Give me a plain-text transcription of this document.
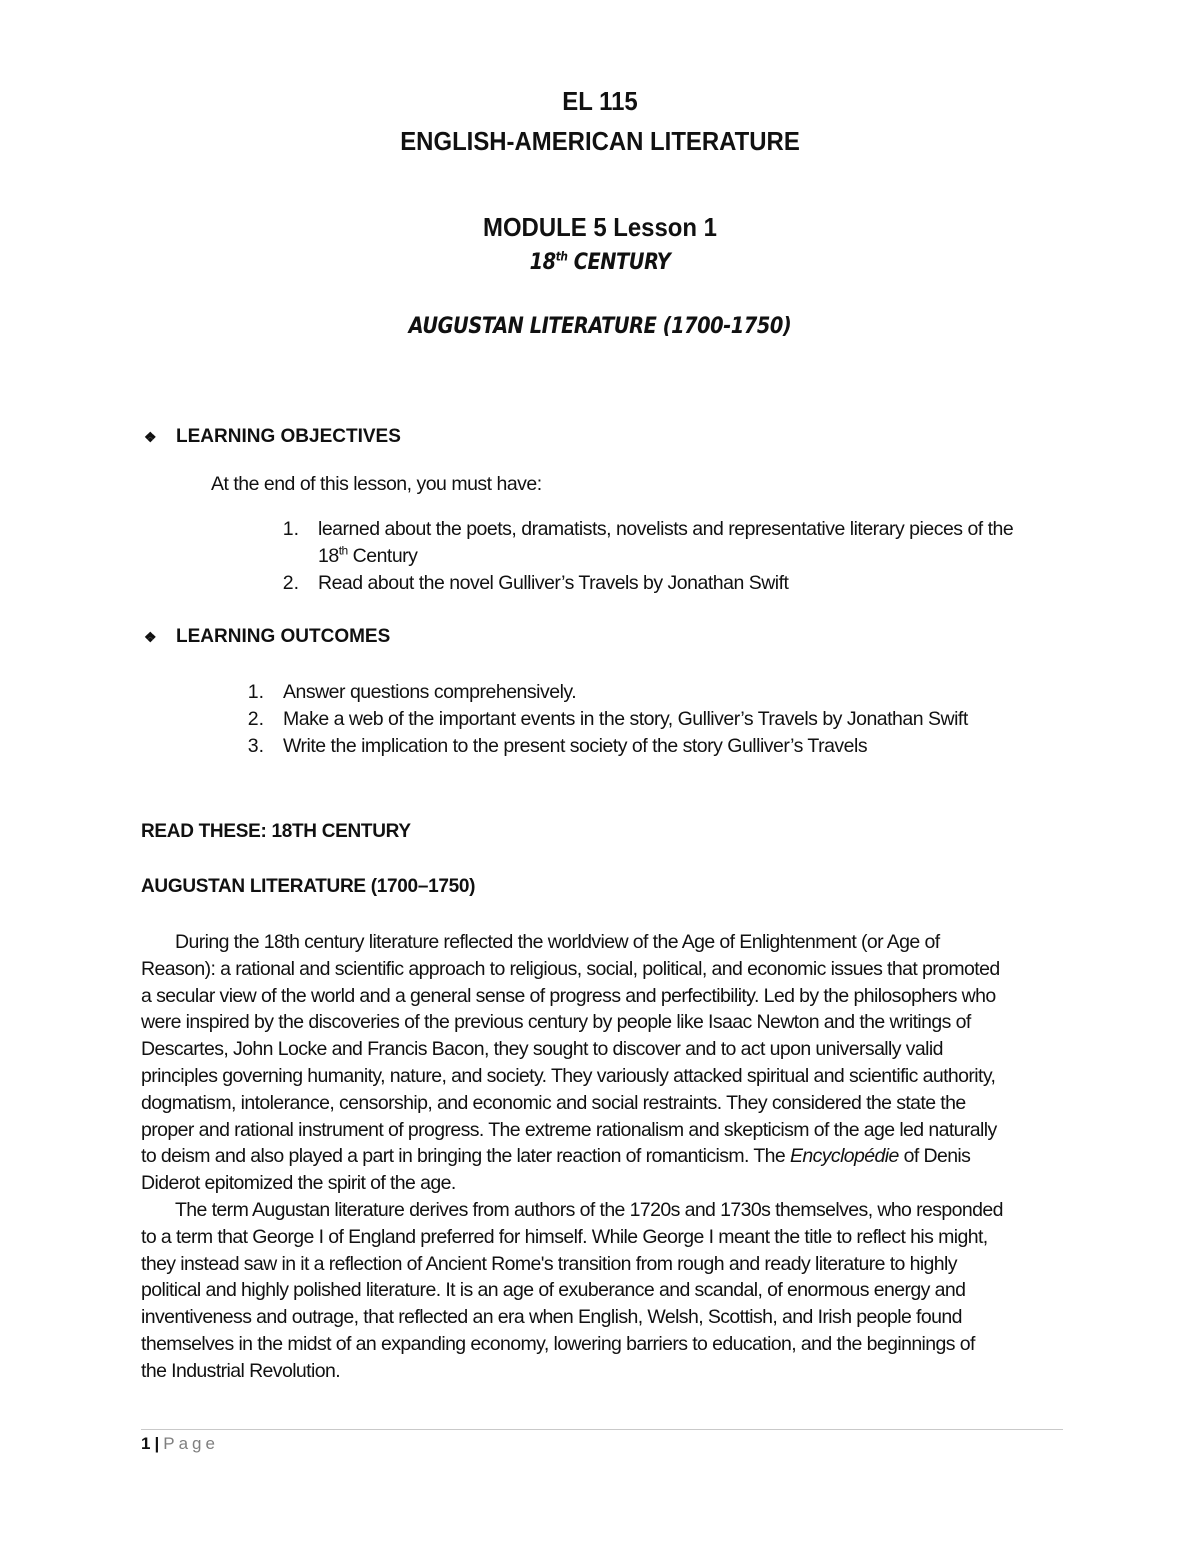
EL 115
ENGLISH-AMERICAN LITERATURE
MODULE 5 Lesson 1
18th CENTURY
AUGUSTAN LITERATURE (1700-1750)
❖	LEARNING OBJECTIVES
At the end of this lesson, you must have:
1. learned about the poets, dramatists, novelists and representative literary pieces of the
18th Century
2. Read about the novel Gulliver’s Travels by Jonathan Swift
❖	LEARNING OUTCOMES
1. Answer questions comprehensively.
2. Make a web of the important events in the story, Gulliver’s Travels by Jonathan Swift
3. Write the implication to the present society of the story Gulliver’s Travels
READ THESE: 18TH CENTURY
AUGUSTAN LITERATURE (1700–1750)
During the 18th century literature reflected the worldview of the Age of Enlightenment (or Age of
Reason): a rational and scientific approach to religious, social, political, and economic issues that promoted
a secular view of the world and a general sense of progress and perfectibility. Led by the philosophers who
were inspired by the discoveries of the previous century by people like Isaac Newton and the writings of
Descartes, John Locke and Francis Bacon, they sought to discover and to act upon universally valid
principles governing humanity, nature, and society. They variously attacked spiritual and scientific authority,
dogmatism, intolerance, censorship, and economic and social restraints. They considered the state the
proper and rational instrument of progress. The extreme rationalism and skepticism of the age led naturally
to deism and also played a part in bringing the later reaction of romanticism. The Encyclopédie of Denis
Diderot epitomized the spirit of the age.
The term Augustan literature derives from authors of the 1720s and 1730s themselves, who responded
to a term that George I of England preferred for himself. While George I meant the title to reflect his might,
they instead saw in it a reflection of Ancient Rome's transition from rough and ready literature to highly
political and highly polished literature. It is an age of exuberance and scandal, of enormous energy and
inventiveness and outrage, that reflected an era when English, Welsh, Scottish, and Irish people found
themselves in the midst of an expanding economy, lowering barriers to education, and the beginnings of
the Industrial Revolution.
1 | Page
